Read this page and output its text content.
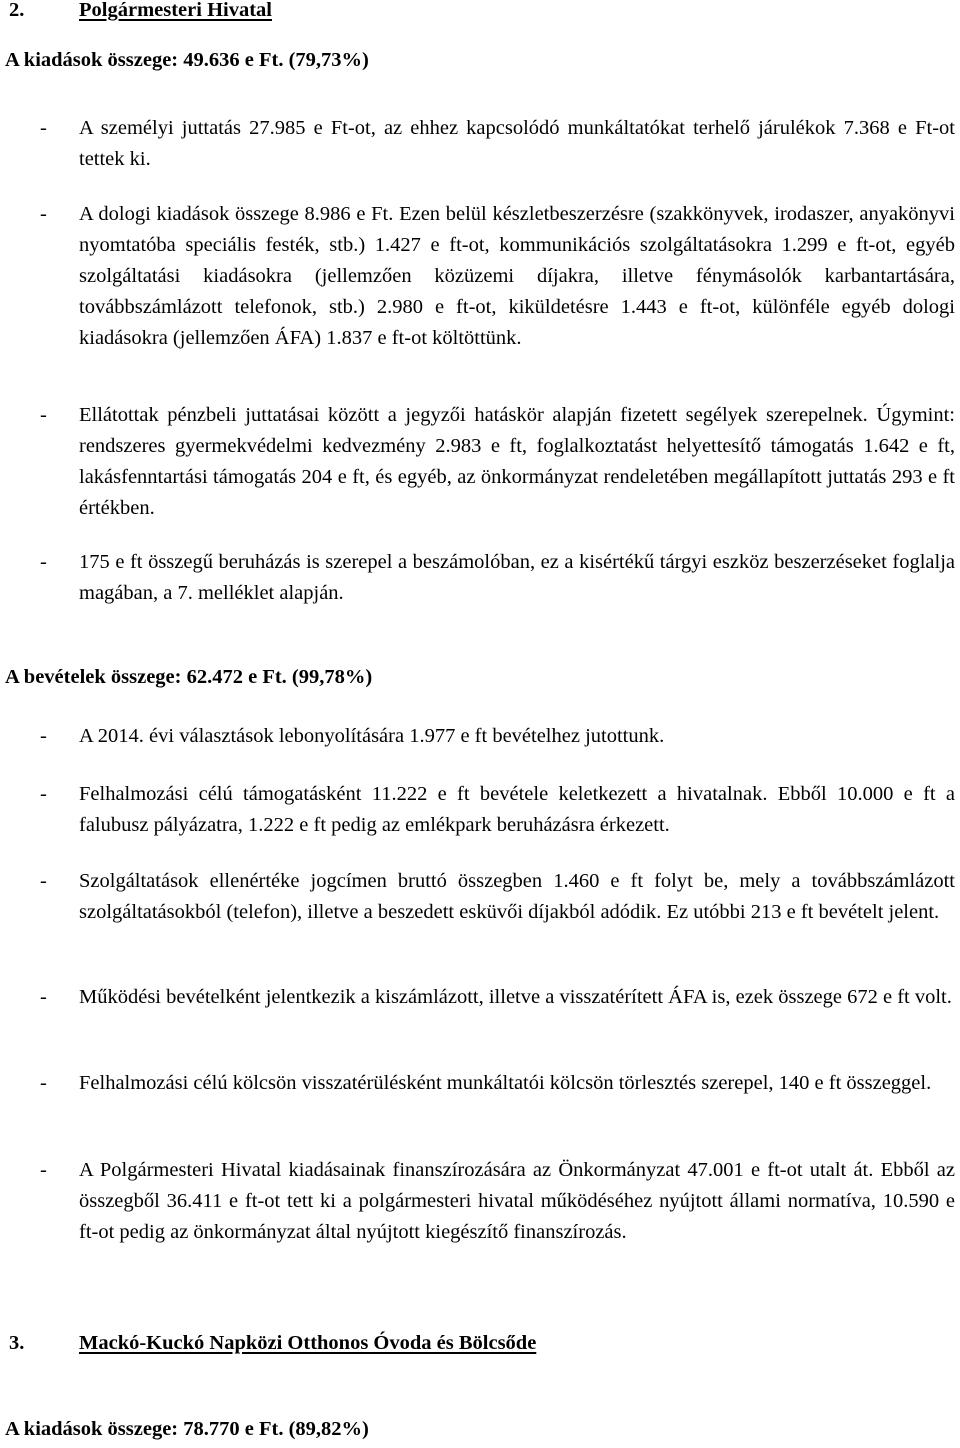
2.	Polgármesteri Hivatal
A kiadások összege: 49.636 e Ft. (79,73%)
- A személyi juttatás 27.985 e Ft-ot, az ehhez kapcsolódó munkáltatókat terhelő járulékok 7.368 e Ft-ot tettek ki.
- A dologi kiadások összege 8.986 e Ft. Ezen belül készletbeszerzésre (szakkönyvek, irodaszer, anyakönyvi nyomtatóba speciális festék, stb.) 1.427 e ft-ot, kommunikációs szolgáltatásokra 1.299 e ft-ot, egyéb szolgáltatási kiadásokra (jellemzően közüzemi díjakra, illetve fénymásolók karbantartására, továbbszámlázott telefonok, stb.) 2.980 e ft-ot, kiküldetésre 1.443 e ft-ot, különféle egyéb dologi kiadásokra (jellemzően ÁFA) 1.837 e ft-ot költöttünk.
- Ellátottak pénzbeli juttatásai között a jegyzői hatáskör alapján fizetett segélyek szerepelnek. Úgymint: rendszeres gyermekvédelmi kedvezmény 2.983 e ft, foglalkoztatást helyettesítő támogatás 1.642 e ft, lakásfenntartási támogatás 204 e ft, és egyéb, az önkormányzat rendeletében megállapított juttatás 293 e ft értékben.
- 175 e ft összegű beruházás is szerepel a beszámolóban, ez a kisértékű tárgyi eszköz beszerzéseket foglalja magában, a 7. melléklet alapján.
A bevételek összege: 62.472 e Ft. (99,78%)
- A 2014. évi választások lebonyolítására 1.977 e ft bevételhez jutottunk.
- Felhalmozási célú támogatásként 11.222 e ft bevétele keletkezett a hivatalnak. Ebből 10.000 e ft a falubusz pályázatra, 1.222 e ft pedig az emlékpark beruházásra érkezett.
- Szolgáltatások ellenértéke jogcímen bruttó összegben 1.460 e ft folyt be, mely a továbbszámlázott szolgáltatásokból (telefon), illetve a beszedett esküvői díjakból adódik. Ez utóbbi 213 e ft bevételt jelent.
- Működési bevételként jelentkezik a kiszámlázott, illetve a visszatérített ÁFA is, ezek összege 672 e ft volt.
- Felhalmozási célú kölcsön visszatérülésként munkáltatói kölcsön törlesztés szerepel, 140 e ft összeggel.
- A Polgármesteri Hivatal kiadásainak finanszírozására az Önkormányzat 47.001 e ft-ot utalt át. Ebből az összegből 36.411 e ft-ot tett ki a polgármesteri hivatal működéséhez nyújtott állami normatíva, 10.590 e ft-ot pedig az önkormányzat által nyújtott kiegészítő finanszírozás.
3.	Mackó-Kuckó Napközi Otthonos Óvoda és Bölcsőde
A kiadások összege: 78.770 e Ft. (89,82%)
